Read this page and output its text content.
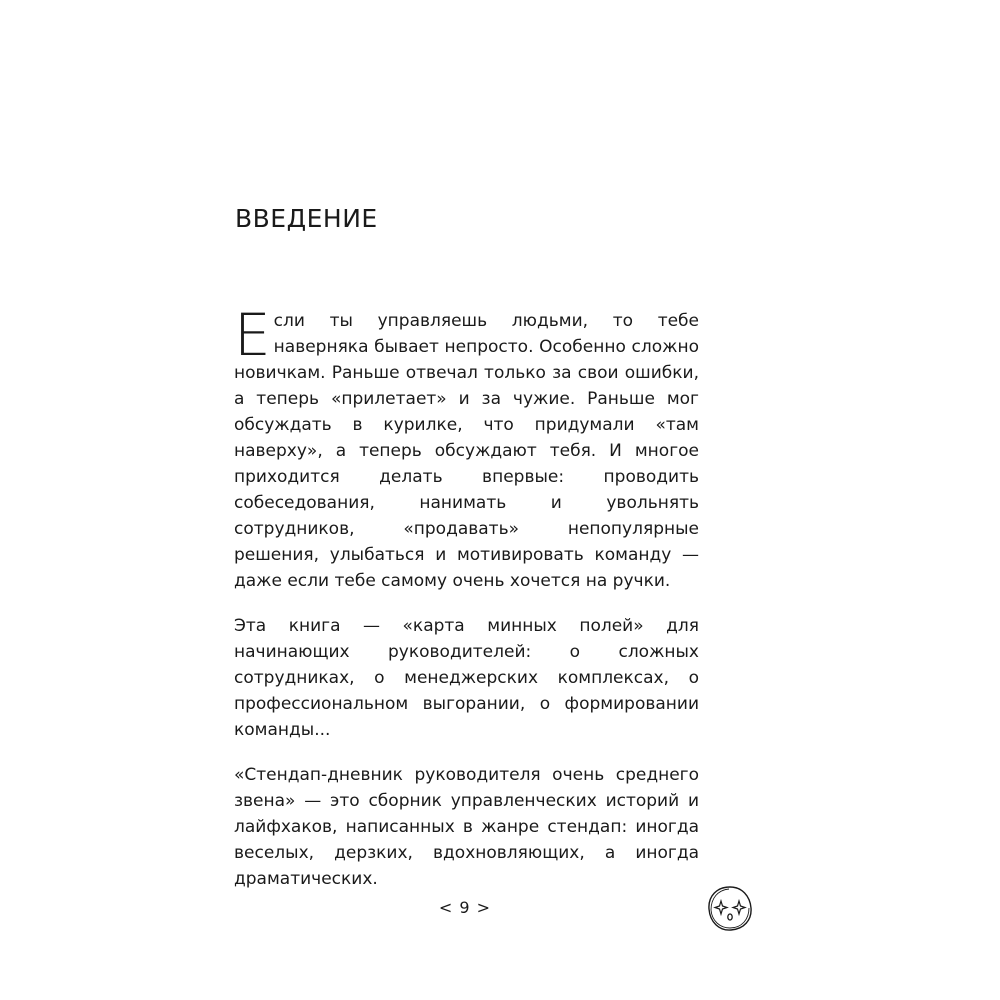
ВВЕДЕНИЕ

Если ты управляешь людьми, то тебе наверняка бывает непросто. Особенно сложно новичкам. Раньше отвечал только за свои ошибки, а теперь «прилетает» и за чужие. Раньше мог обсуждать в курилке, что придумали «там наверху», а теперь обсуждают тебя. И многое приходится делать впервые: проводить собеседования, нанимать и увольнять сотрудников, «продавать» непопулярные решения, улыбаться и мотивировать команду — даже если тебе самому очень хочется на ручки.

Эта книга — «карта минных полей» для начинающих руководителей: о сложных сотрудниках, о менеджерских комплексах, о профессиональном выгорании, о формировании команды...

«Стендап-дневник руководителя очень среднего звена» — это сборник управленческих историй и лайфхаков, написанных в жанре стендап: иногда веселых, дерзких, вдохновляющих, а иногда драматических.

< 9 >
